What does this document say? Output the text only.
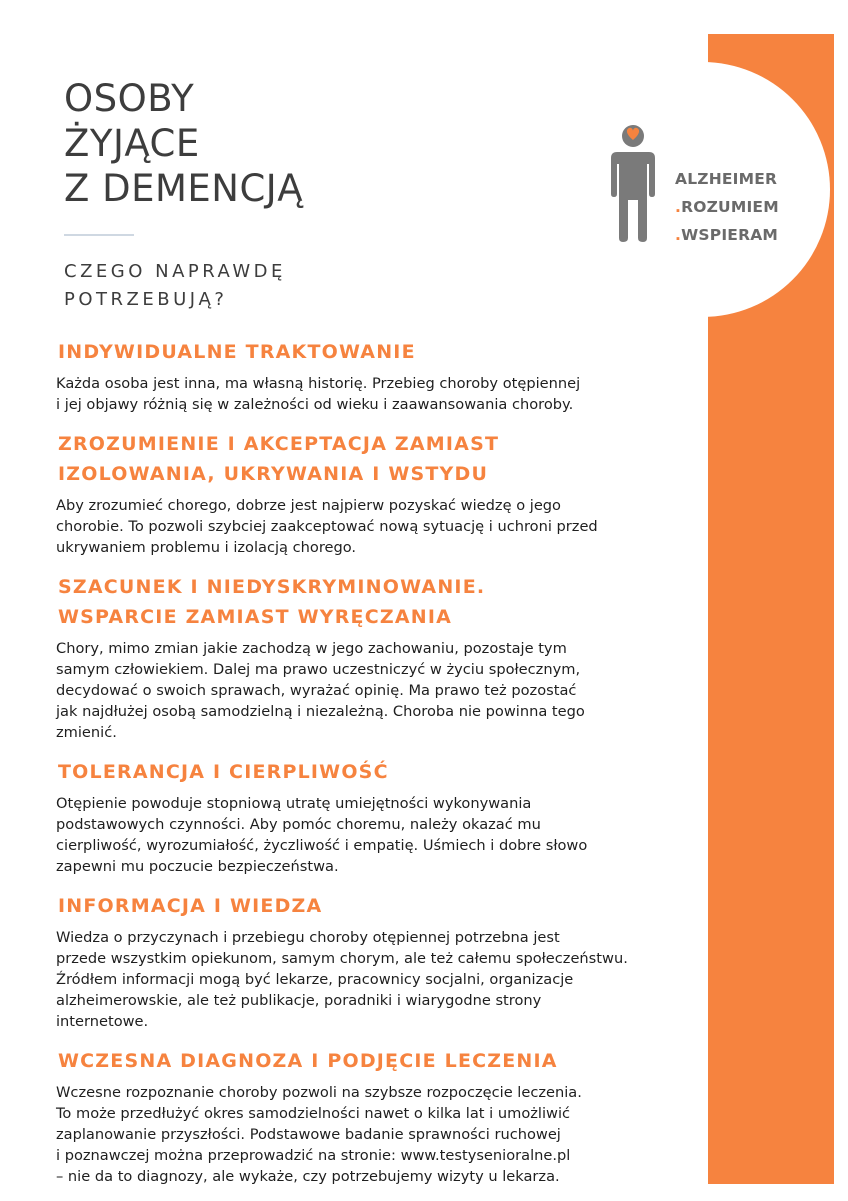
ALZHEIMER
.ROZUMIEM
.WSPIERAM
OSOBY
ŻYJĄCE
Z DEMENCJĄ
CZEGO NAPRAWDĘ
POTRZEBUJĄ?
INDYWIDUALNE TRAKTOWANIE
Każda osoba jest inna, ma własną historię. Przebieg choroby otępiennej
i jej objawy różnią się w zależności od wieku i zaawansowania choroby.
ZROZUMIENIE I AKCEPTACJA ZAMIAST
IZOLOWANIA, UKRYWANIA I WSTYDU
Aby zrozumieć chorego, dobrze jest najpierw pozyskać wiedzę o jego
chorobie. To pozwoli szybciej zaakceptować nową sytuację i uchroni przed
ukrywaniem problemu i izolacją chorego.
SZACUNEK I NIEDYSKRYMINOWANIE.
WSPARCIE ZAMIAST WYRĘCZANIA
Chory, mimo zmian jakie zachodzą w jego zachowaniu, pozostaje tym
samym człowiekiem. Dalej ma prawo uczestniczyć w życiu społecznym,
decydować o swoich sprawach, wyrażać opinię. Ma prawo też pozostać
jak najdłużej osobą samodzielną i niezależną. Choroba nie powinna tego
zmienić.
TOLERANCJA I CIERPLIWOŚĆ
Otępienie powoduje stopniową utratę umiejętności wykonywania
podstawowych czynności. Aby pomóc choremu, należy okazać mu
cierpliwość, wyrozumiałość, życzliwość i empatię. Uśmiech i dobre słowo
zapewni mu poczucie bezpieczeństwa.
INFORMACJA I WIEDZA
Wiedza o przyczynach i przebiegu choroby otępiennej potrzebna jest
przede wszystkim opiekunom, samym chorym, ale też całemu społeczeństwu.
Źródłem informacji mogą być lekarze, pracownicy socjalni, organizacje
alzheimerowskie, ale też publikacje, poradniki i wiarygodne strony
internetowe.
WCZESNA DIAGNOZA I PODJĘCIE LECZENIA
Wczesne rozpoznanie choroby pozwoli na szybsze rozpoczęcie leczenia.
To może przedłużyć okres samodzielności nawet o kilka lat i umożliwić
zaplanowanie przyszłości. Podstawowe badanie sprawności ruchowej
i poznawczej można przeprowadzić na stronie: www.testysenioralne.pl
– nie da to diagnozy, ale wykaże, czy potrzebujemy wizyty u lekarza.
